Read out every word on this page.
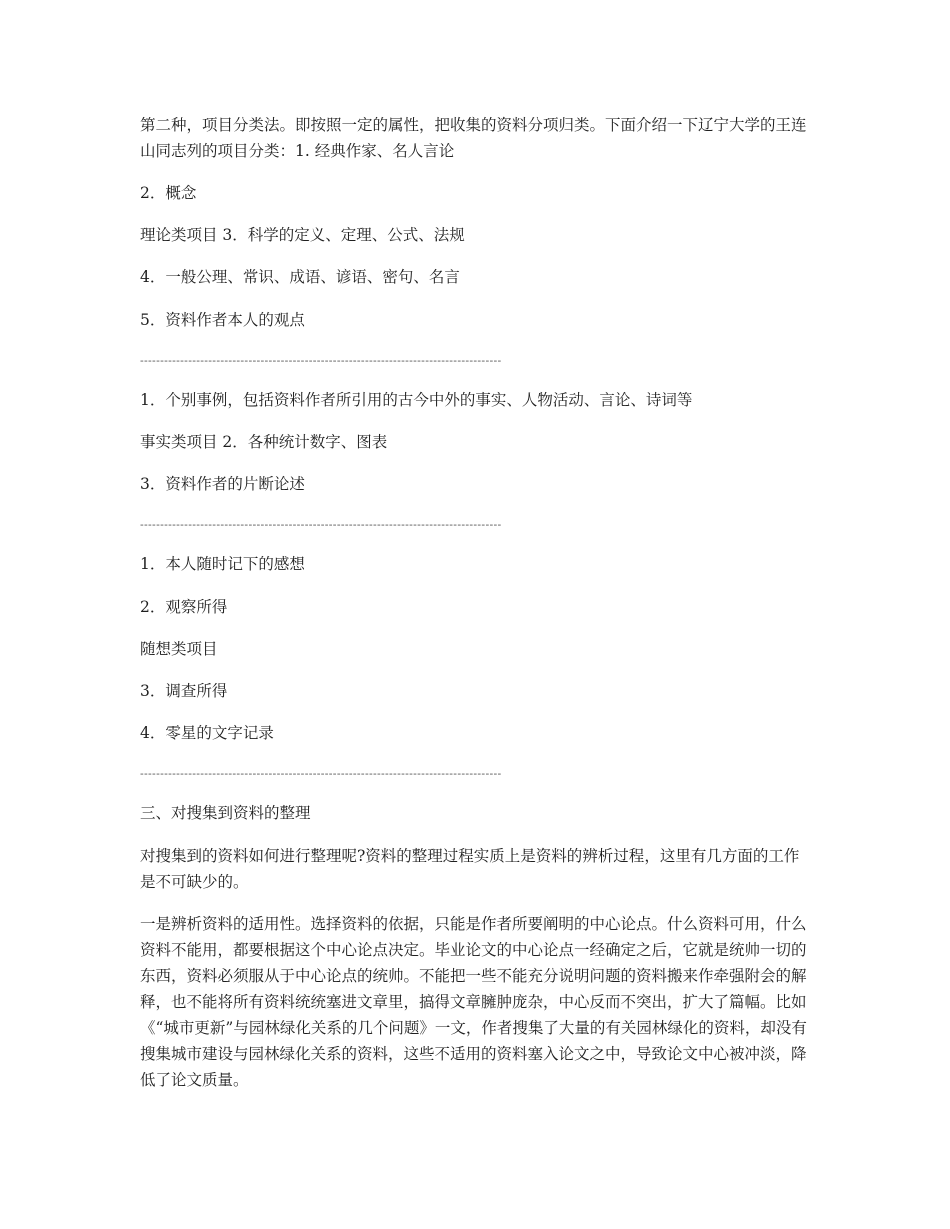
第二种，项目分类法。即按照一定的属性，把收集的资料分项归类。下面介绍一下辽宁大学的王连山同志列的项目分类：1. 经典作家、名人言论

2．概念

理论类项目 3．科学的定义、定理、公式、法规

4．一般公理、常识、成语、谚语、密句、名言

5．资料作者本人的观点

------------------------------------------------------------------------------------------

1．个别事例，包括资料作者所引用的古今中外的事实、人物活动、言论、诗词等

事实类项目 2．各种统计数字、图表

3．资料作者的片断论述

------------------------------------------------------------------------------------------

1．本人随时记下的感想

2．观察所得

随想类项目

3．调查所得

4．零星的文字记录

------------------------------------------------------------------------------------------

三、对搜集到资料的整理

对搜集到的资料如何进行整理呢?资料的整理过程实质上是资料的辨析过程，这里有几方面的工作是不可缺少的。

一是辨析资料的适用性。选择资料的依据，只能是作者所要阐明的中心论点。什么资料可用，什么资料不能用，都要根据这个中心论点决定。毕业论文的中心论点一经确定之后，它就是统帅一切的东西，资料必须服从于中心论点的统帅。不能把一些不能充分说明问题的资料搬来作牵强附会的解释，也不能将所有资料统统塞进文章里，搞得文章臃肿庞杂，中心反而不突出，扩大了篇幅。比如《“城市更新”与园林绿化关系的几个问题》一文，作者搜集了大量的有关园林绿化的资料，却没有搜集城市建设与园林绿化关系的资料，这些不适用的资料塞入论文之中，导致论文中心被冲淡，降低了论文质量。
